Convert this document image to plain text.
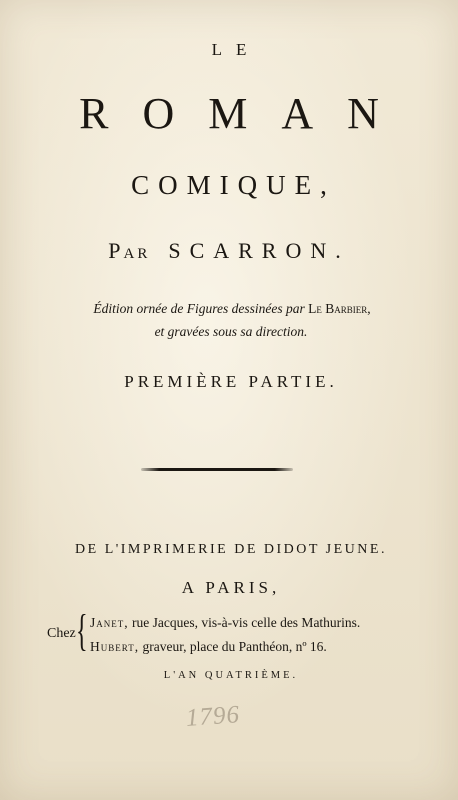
LE
ROMAN
COMIQUE,
Par SCARRON.
Édition ornée de Figures dessinées par Le Barbier,
et gravées sous sa direction.
PREMIÈRE PARTIE.
DE L'IMPRIMERIE DE DIDOT JEUNE.
A PARIS,
Chez { Janet, rue Jacques, vis-à-vis celle des Mathurins.
Hubert, graveur, place du Panthéon, nº 16.
L'AN QUATRIÈME.
1796
